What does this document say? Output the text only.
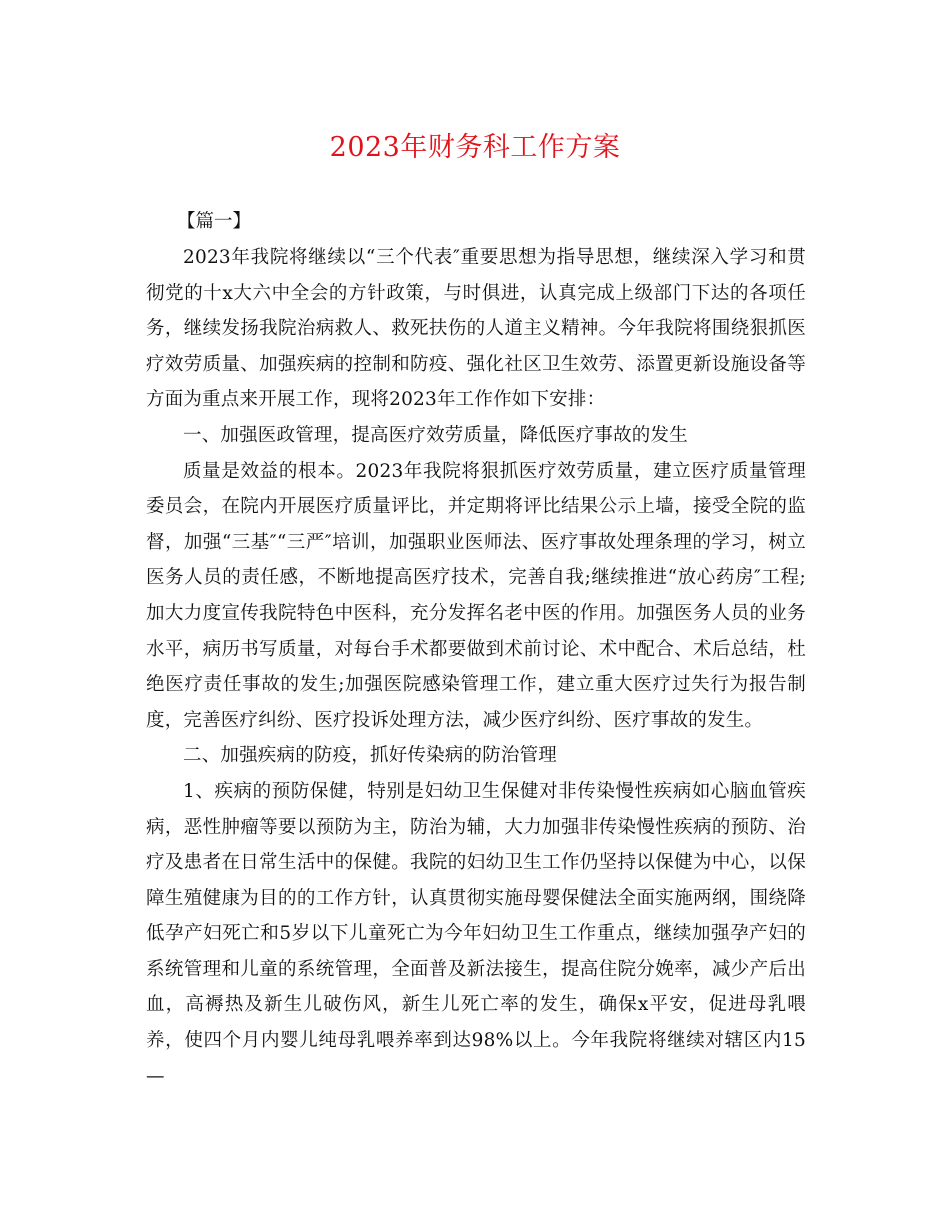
2023年财务科工作方案

【篇一】

2023年我院将继续以“三个代表″重要思想为指导思想，继续深入学习和贯彻党的十x大六中全会的方针政策，与时俱进，认真完成上级部门下达的各项任务，继续发扬我院治病救人、救死扶伤的人道主义精神。今年我院将围绕狠抓医疗效劳质量、加强疾病的控制和防疫、强化社区卫生效劳、添置更新设施设备等方面为重点来开展工作，现将2023年工作作如下安排：

一、加强医政管理，提高医疗效劳质量，降低医疗事故的发生

质量是效益的根本。2023年我院将狠抓医疗效劳质量，建立医疗质量管理委员会，在院内开展医疗质量评比，并定期将评比结果公示上墙，接受全院的监督，加强“三基″“三严″培训，加强职业医师法、医疗事故处理条理的学习，树立医务人员的责任感，不断地提高医疗技术，完善自我;继续推进“放心药房″工程;加大力度宣传我院特色中医科，充分发挥名老中医的作用。加强医务人员的业务水平，病历书写质量，对每台手术都要做到术前讨论、术中配合、术后总结，杜绝医疗责任事故的发生;加强医院感染管理工作，建立重大医疗过失行为报告制度，完善医疗纠纷、医疗投诉处理方法，减少医疗纠纷、医疗事故的发生。

二、加强疾病的防疫，抓好传染病的防治管理

1、疾病的预防保健，特别是妇幼卫生保健对非传染慢性疾病如心脑血管疾病，恶性肿瘤等要以预防为主，防治为辅，大力加强非传染慢性疾病的预防、治疗及患者在日常生活中的保健。我院的妇幼卫生工作仍坚持以保健为中心，以保障生殖健康为目的的工作方针，认真贯彻实施母婴保健法全面实施两纲，围绕降低孕产妇死亡和5岁以下儿童死亡为今年妇幼卫生工作重点，继续加强孕产妇的系统管理和儿童的系统管理，全面普及新法接生，提高住院分娩率，减少产后出血，高褥热及新生儿破伤风，新生儿死亡率的发生，确保x平安，促进母乳喂养，使四个月内婴儿纯母乳喂养率到达98%以上。今年我院将继续对辖区内15—
